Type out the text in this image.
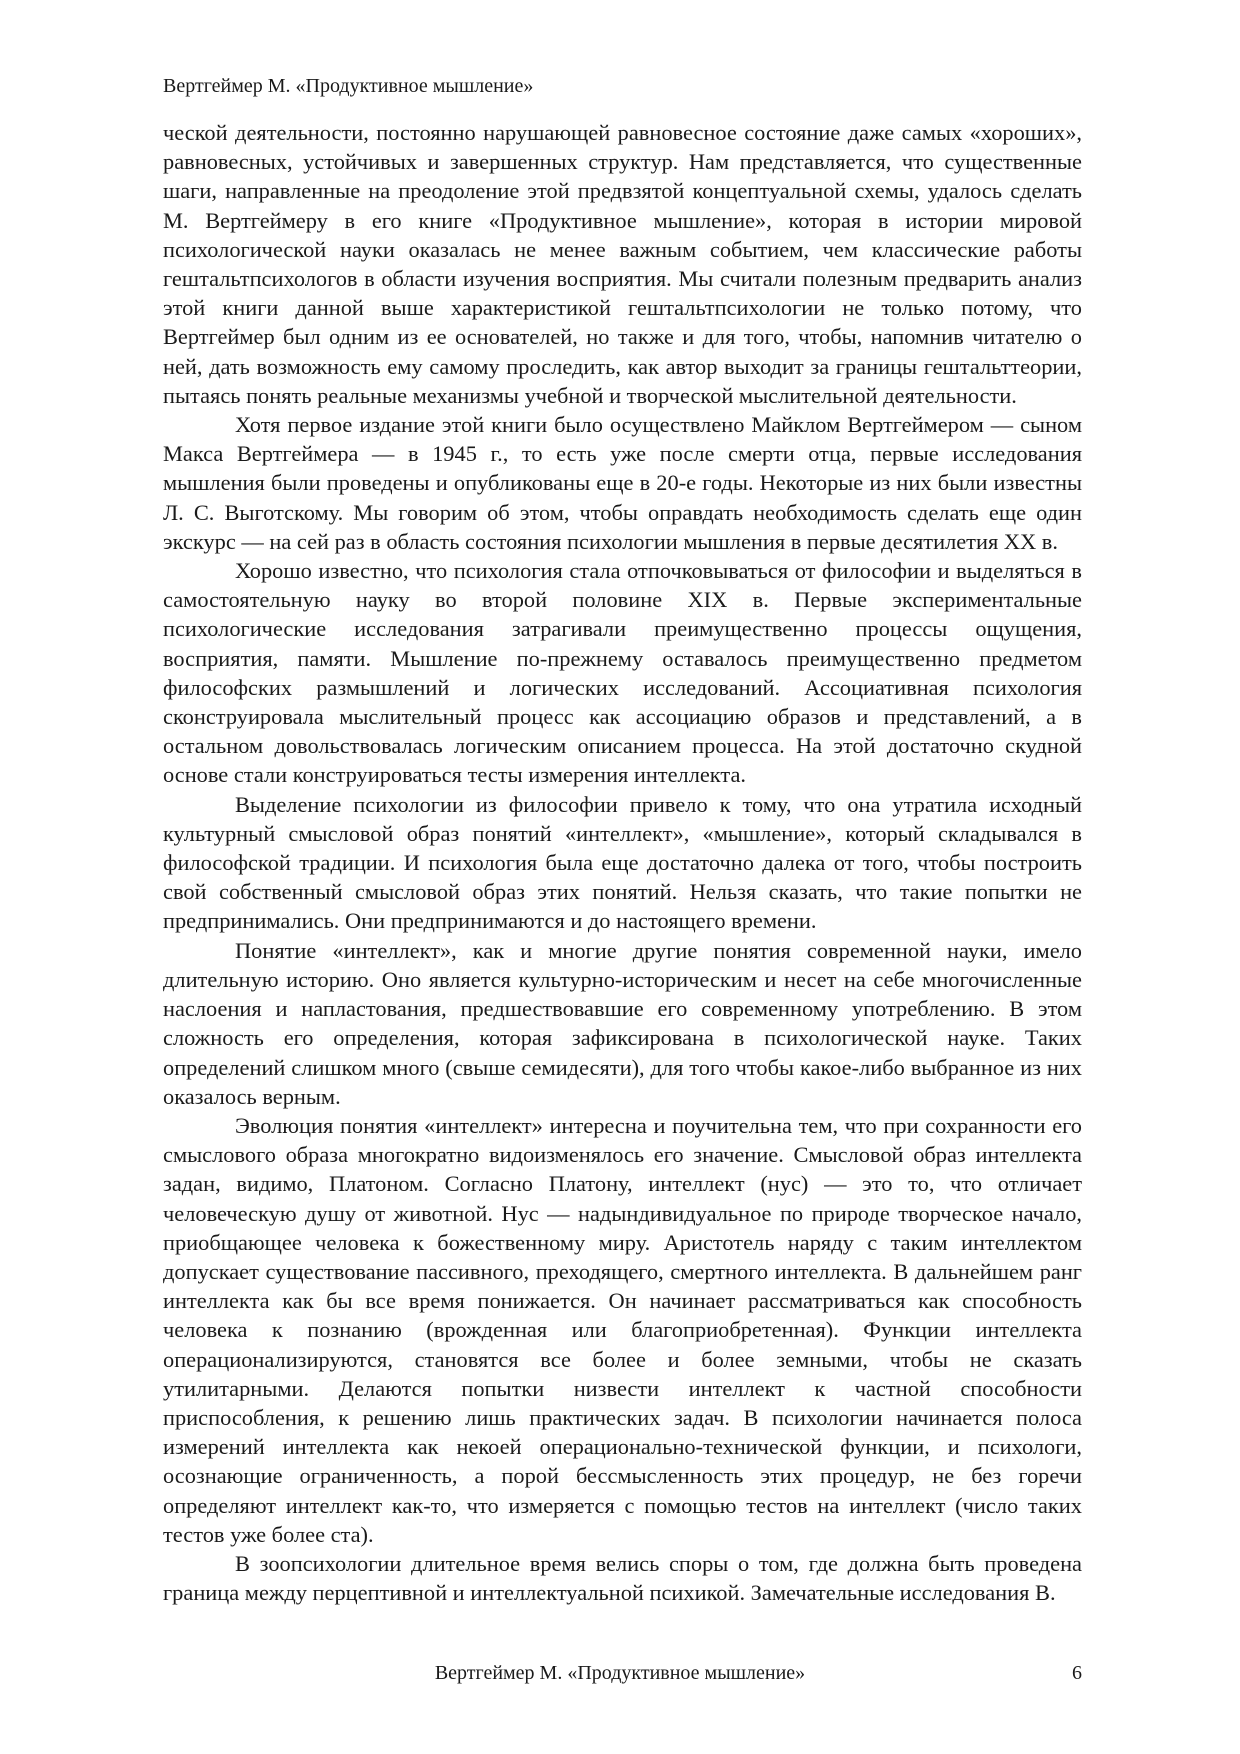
Вертгеймер М. «Продуктивное мышление»

ческой деятельности, постоянно нарушающей равновесное состояние даже самых «хороших», равновесных, устойчивых и завершенных структур. Нам представляется, что существенные шаги, направленные на преодоление этой предвзятой концептуальной схемы, удалось сделать М. Вертгеймеру в его книге «Продуктивное мышление», которая в истории мировой психологической науки оказалась не менее важным событием, чем классические работы гештальтпсихологов в области изучения восприятия. Мы считали полезным предварить анализ этой книги данной выше характеристикой гештальтпсихологии не только потому, что Вертгеймер был одним из ее основателей, но также и для того, чтобы, напомнив читателю о ней, дать возможность ему самому проследить, как автор выходит за границы гештальттеории, пытаясь понять реальные механизмы учебной и творческой мыслительной деятельности.

Хотя первое издание этой книги было осуществлено Майклом Вертгеймером — сыном Макса Вертгеймера — в 1945 г., то есть уже после смерти отца, первые исследования мышления были проведены и опубликованы еще в 20-е годы. Некоторые из них были известны Л. С. Выготскому. Мы говорим об этом, чтобы оправдать необходимость сделать еще один экскурс — на сей раз в область состояния психологии мышления в первые десятилетия XX в.

Хорошо известно, что психология стала отпочковываться от философии и выделяться в самостоятельную науку во второй половине XIX в. Первые экспериментальные психологические исследования затрагивали преимущественно процессы ощущения, восприятия, памяти. Мышление по-прежнему оставалось преимущественно предметом философских размышлений и логических исследований. Ассоциативная психология сконструировала мыслительный процесс как ассоциацию образов и представлений, а в остальном довольствовалась логическим описанием процесса. На этой достаточно скудной основе стали конструироваться тесты измерения интеллекта.

Выделение психологии из философии привело к тому, что она утратила исходный культурный смысловой образ понятий «интеллект», «мышление», который складывался в философской традиции. И психология была еще достаточно далека от того, чтобы построить свой собственный смысловой образ этих понятий. Нельзя сказать, что такие попытки не предпринимались. Они предпринимаются и до настоящего времени.

Понятие «интеллект», как и многие другие понятия современной науки, имело длительную историю. Оно является культурно-историческим и несет на себе многочисленные наслоения и напластования, предшествовавшие его современному употреблению. В этом сложность его определения, которая зафиксирована в психологической науке. Таких определений слишком много (свыше семидесяти), для того чтобы какое-либо выбранное из них оказалось верным.

Эволюция понятия «интеллект» интересна и поучительна тем, что при сохранности его смыслового образа многократно видоизменялось его значение. Смысловой образ интеллекта задан, видимо, Платоном. Согласно Платону, интеллект (нус) — это то, что отличает человеческую душу от животной. Нус — надындивидуальное по природе творческое начало, приобщающее человека к божественному миру. Аристотель наряду с таким интеллектом допускает существование пассивного, преходящего, смертного интеллекта. В дальнейшем ранг интеллекта как бы все время понижается. Он начинает рассматриваться как способность человека к познанию (врожденная или благоприобретенная). Функции интеллекта операционализируются, становятся все более и более земными, чтобы не сказать утилитарными. Делаются попытки низвести интеллект к частной способности приспособления, к решению лишь практических задач. В психологии начинается полоса измерений интеллекта как некоей операционально-технической функции, и психологи, осознающие ограниченность, а порой бессмысленность этих процедур, не без горечи определяют интеллект как-то, что измеряется с помощью тестов на интеллект (число таких тестов уже более ста).

В зоопсихологии длительное время велись споры о том, где должна быть проведена граница между перцептивной и интеллектуальной психикой. Замечательные исследования В.

Вертгеймер М. «Продуктивное мышление»	6
